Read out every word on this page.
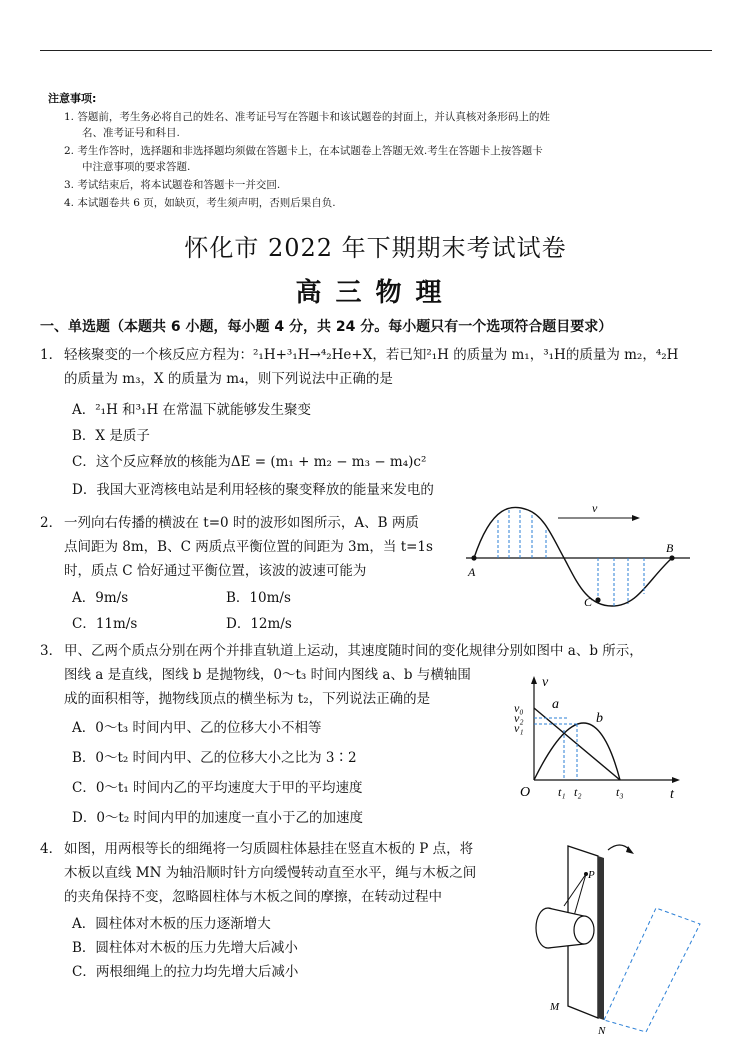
注意事项:
1. 答题前，考生务必将自己的姓名、准考证号写在答题卡和该试题卷的封面上，并认真核对条形码上的姓
名、准考证号和科目.
2. 考生作答时，选择题和非选择题均须做在答题卡上，在本试题卷上答题无效.考生在答题卡上按答题卡
中注意事项的要求答题.
3. 考试结束后，将本试题卷和答题卡一并交回.
4. 本试题卷共 6 页，如缺页，考生须声明，否则后果自负.
怀化市 2022 年下期期末考试试卷
高三物理
一、单选题（本题共 6 小题，每小题 4 分，共 24 分。每小题只有一个选项符合题目要求）
1． 轻核聚变的一个核反应方程为：²₁H+³₁H→⁴₂He+X，若已知²₁H 的质量为 m₁，³₁H的质量为 m₂，⁴₂H
的质量为 m₃，X 的质量为 m₄，则下列说法中正确的是
A．²₁H 和³₁H 在常温下就能够发生聚变
B．X 是质子
C．这个反应释放的核能为ΔE = (m₁ + m₂ − m₃ − m₄)c²
D．我国大亚湾核电站是利用轻核的聚变释放的能量来发电的
2． 一列向右传播的横波在 t=0 时的波形如图所示，A、B 两质
点间距为 8m，B、C 两质点平衡位置的间距为 3m，当 t=1s
时，质点 C 恰好通过平衡位置，该波的波速可能为
A．9m/s	B．10m/s
C．11m/s	D．12m/s
v
A
B
C
3． 甲、乙两个质点分别在两个并排直轨道上运动，其速度随时间的变化规律分别如图中 a、b 所示，
图线 a 是直线，图线 b 是抛物线，0～t₃ 时间内图线 a、b 与横轴围
成的面积相等，抛物线顶点的横坐标为 t₂，下列说法正确的是
A．0～t₃ 时间内甲、乙的位移大小不相等
B．0～t₂ 时间内甲、乙的位移大小之比为 3∶2
C．0～t₁ 时间内乙的平均速度大于甲的平均速度
D．0～t₂ 时间内甲的加速度一直小于乙的加速度
v
t
O
a
b
v₀
v₂
v₁
t₁ t₂	t₃
4． 如图，用两根等长的细绳将一匀质圆柱体悬挂在竖直木板的 P 点，将
木板以直线 MN 为轴沿顺时针方向缓慢转动直至水平，绳与木板之间
的夹角保持不变，忽略圆柱体与木板之间的摩擦，在转动过程中
A．圆柱体对木板的压力逐渐增大
B．圆柱体对木板的压力先增大后减小
C．两根细绳上的拉力均先增大后减小
P
M
N
